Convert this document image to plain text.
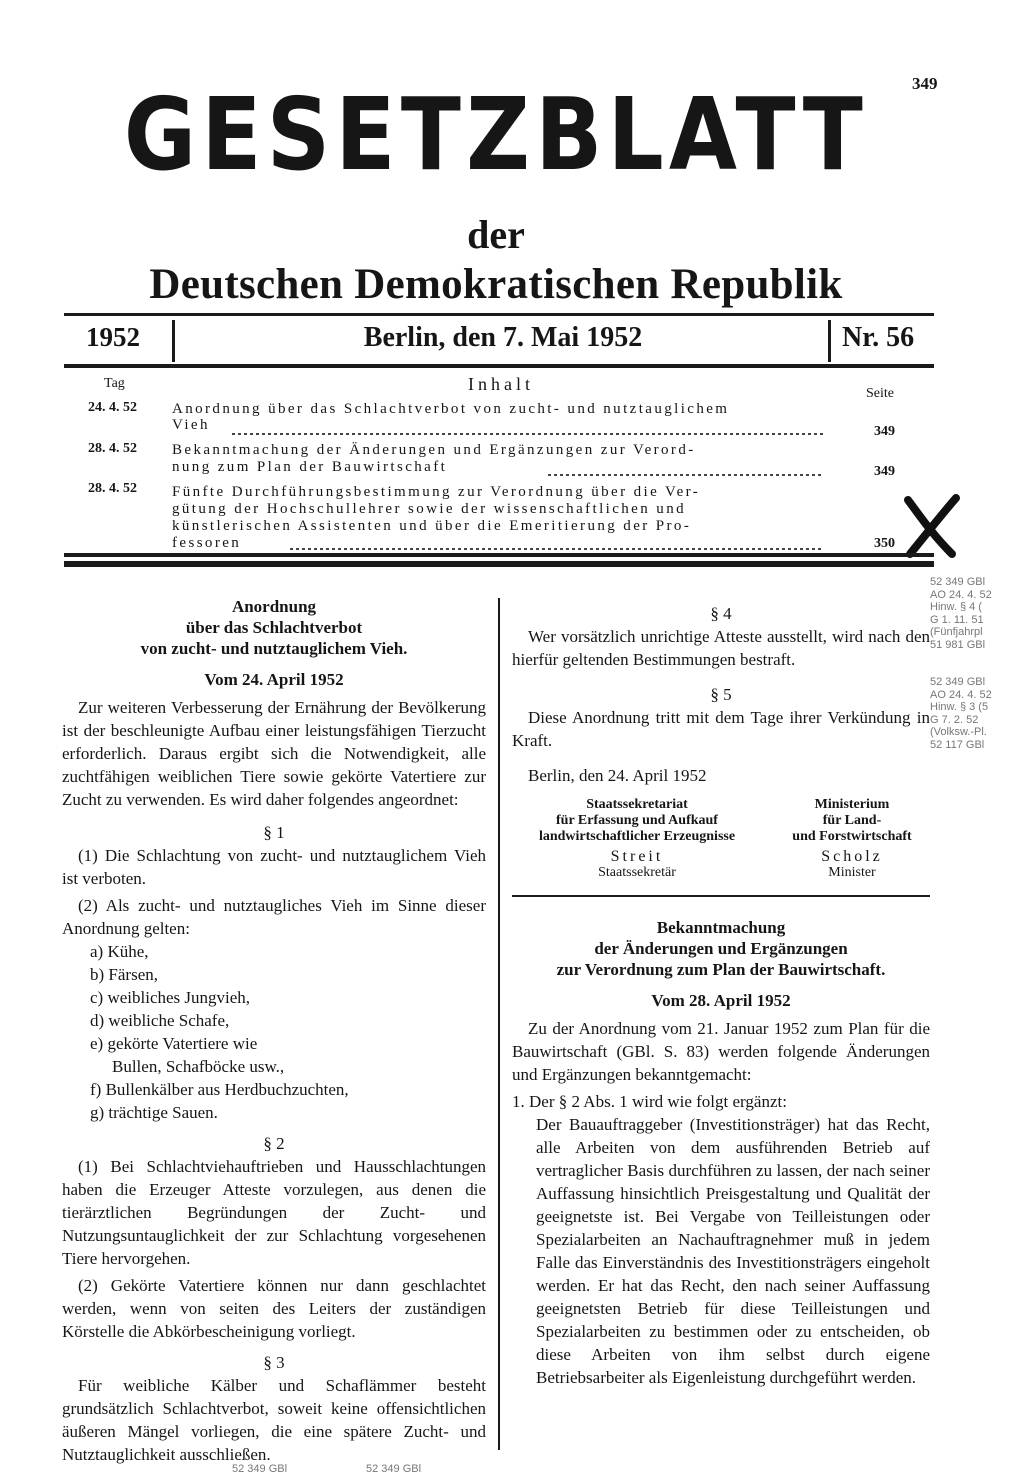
349
GESETZBLATT
der
Deutschen Demokratischen Republik
1952	Berlin, den 7. Mai 1952	Nr. 56
Tag	Inhalt	Seite
24. 4. 52 Anordnung über das Schlachtverbot von zucht- und nutztauglichem
Vieh	349
28. 4. 52 Bekanntmachung der Änderungen und Ergänzungen zur Verord-
nung zum Plan der Bauwirtschaft	349
28. 4. 52 Fünfte Durchführungsbestimmung zur Verordnung über die Ver-
gütung der Hochschullehrer sowie der wissenschaftlichen und
künstlerischen Assistenten und über die Emeritierung der Pro-
fessoren	350
52 349 GBl
AO 24. 4. 52
Hinw. § 4 (
G 1. 11. 51
(Fünfjahrpl
51 981 GBl
52 349 GBl
AO 24. 4. 52
Hinw. § 3 (5
G 7. 2. 52
(Volksw.-Pl.
52 117 GBl
Anordnung
über das Schlachtverbot
von zucht- und nutztauglichem Vieh.

Vom 24. April 1952

Zur weiteren Verbesserung der Ernährung der Bevölkerung ist der beschleunigte Aufbau einer leistungsfähigen Tierzucht erforderlich. Daraus ergibt sich die Notwendigkeit, alle zuchtfähigen weiblichen Tiere sowie gekörte Vatertiere zur Zucht zu verwenden. Es wird daher folgendes angeordnet:

§ 1

(1) Die Schlachtung von zucht- und nutztauglichem Vieh ist verboten.

(2) Als zucht- und nutztaugliches Vieh im Sinne dieser Anordnung gelten:

a) Kühe,
b) Färsen,
c) weibliches Jungvieh,
d) weibliche Schafe,
e) gekörte Vatertiere wie
Bullen, Schafböcke usw.,
f) Bullenkälber aus Herdbuchzuchten,
g) trächtige Sauen.

§ 2

(1) Bei Schlachtviehauftrieben und Hausschlachtungen haben die Erzeuger Atteste vorzulegen, aus denen die tierärztlichen Begründungen der Zucht- und Nutzungsuntauglichkeit der zur Schlachtung vorgesehenen Tiere hervorgehen.

(2) Gekörte Vatertiere können nur dann geschlachtet werden, wenn von seiten des Leiters der zuständigen Körstelle die Abkörbescheinigung vorliegt.

§ 3

Für weibliche Kälber und Schaflämmer besteht grundsätzlich Schlachtverbot, soweit keine offensichtlichen äußeren Mängel vorliegen, die eine spätere Zucht- und Nutztauglichkeit ausschließen.

§ 4

Wer vorsätzlich unrichtige Atteste ausstellt, wird nach den hierfür geltenden Bestimmungen bestraft.

§ 5

Diese Anordnung tritt mit dem Tage ihrer Verkündung in Kraft.

Berlin, den 24. April 1952

Staatssekretariat
für Erfassung und Aufkauf
landwirtschaftlicher Erzeugnisse
Streit
Staatssekretär
Ministerium
für Land-
und Forstwirtschaft
Scholz
Minister
Bekanntmachung
der Änderungen und Ergänzungen
zur Verordnung zum Plan der Bauwirtschaft.

Vom 28. April 1952

Zu der Anordnung vom 21. Januar 1952 zum Plan für die Bauwirtschaft (GBl. S. 83) werden folgende Änderungen und Ergänzungen bekanntgemacht:

1. Der § 2 Abs. 1 wird wie folgt ergänzt:

Der Bauauftraggeber (Investitionsträger) hat das Recht, alle Arbeiten von dem ausführenden Betrieb auf vertraglicher Basis durchführen zu lassen, der nach seiner Auffassung hinsichtlich Preisgestaltung und Qualität der geeignetste ist. Bei Vergabe von Teilleistungen oder Spezialarbeiten an Nachauftragnehmer muß in jedem Falle das Einverständnis des Investitionsträgers eingeholt werden. Er hat das Recht, den nach seiner Auffassung geeignetsten Betrieb für diese Teilleistungen und Spezialarbeiten zu bestimmen oder zu entscheiden, ob diese Arbeiten von ihm selbst durch eigene Betriebsarbeiter als Eigenleistung durchgeführt werden.

52 349 GBl	52 349 GBl
